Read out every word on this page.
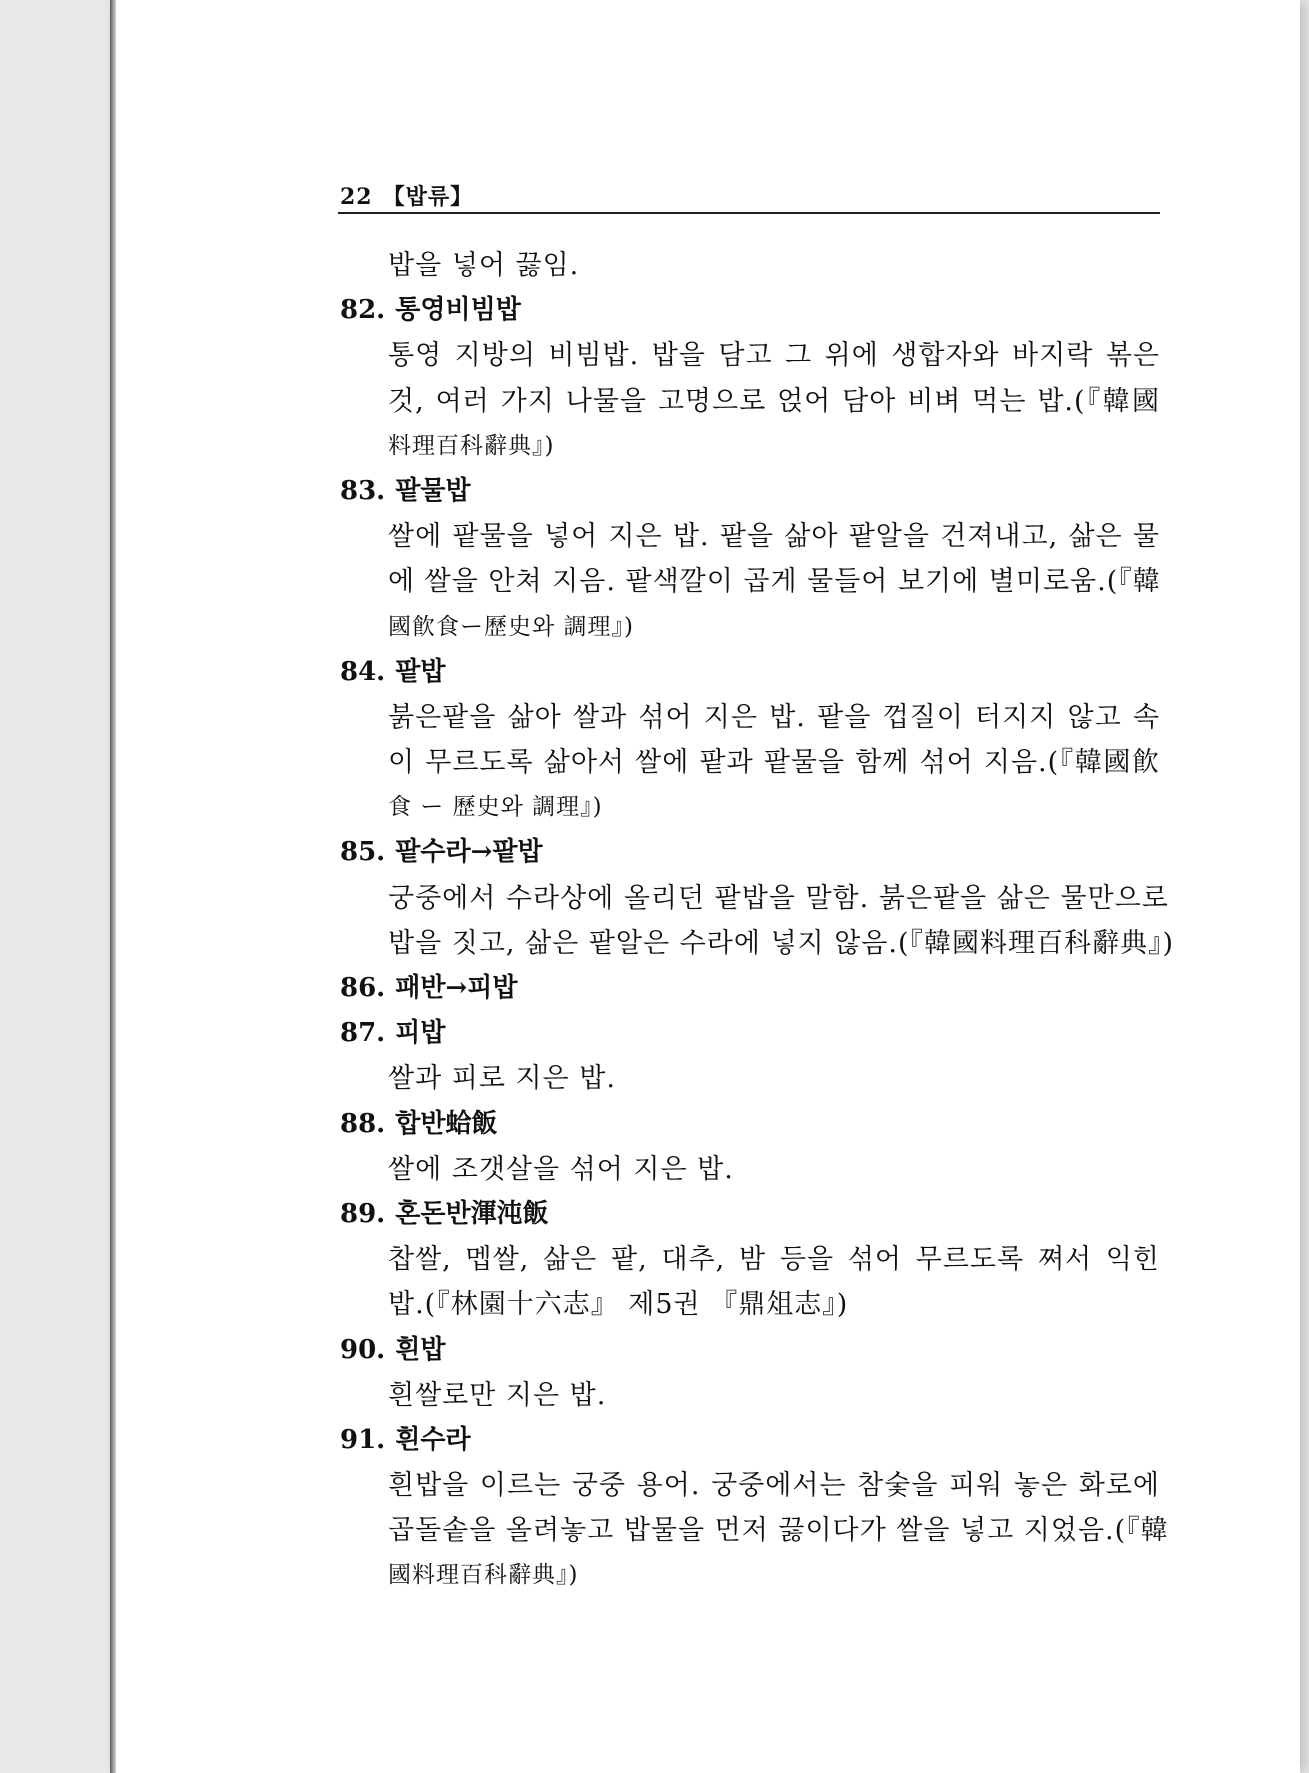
22 【밥류】
밥을 넣어 끓임.
82. 통영비빔밥
통영 지방의 비빔밥. 밥을 담고 그 위에 생합자와 바지락 볶은
것, 여러 가지 나물을 고명으로 얹어 담아 비벼 먹는 밥.(『韓國
料理百科辭典』)
83. 팥물밥
쌀에 팥물을 넣어 지은 밥. 팥을 삶아 팥알을 건져내고, 삶은 물
에 쌀을 안쳐 지음. 팥색깔이 곱게 물들어 보기에 별미로움.(『韓
國飮食ー歷史와 調理』)
84. 팥밥
붉은팥을 삶아 쌀과 섞어 지은 밥. 팥을 껍질이 터지지 않고 속
이 무르도록 삶아서 쌀에 팥과 팥물을 함께 섞어 지음.(『韓國飮
食 ー 歷史와 調理』)
85. 팥수라→팥밥
궁중에서 수라상에 올리던 팥밥을 말함. 붉은팥을 삶은 물만으로
밥을 짓고, 삶은 팥알은 수라에 넣지 않음.(『韓國料理百科辭典』)
86. 패반→피밥
87. 피밥
쌀과 피로 지은 밥.
88. 합반蛤飯
쌀에 조갯살을 섞어 지은 밥.
89. 혼돈반渾沌飯
찹쌀, 멥쌀, 삶은 팥, 대추, 밤 등을 섞어 무르도록 쪄서 익힌
밥.(『林園十六志』 제5권 『鼎俎志』)
90. 흰밥
흰쌀로만 지은 밥.
91. 흰수라
흰밥을 이르는 궁중 용어. 궁중에서는 참숯을 피워 놓은 화로에
곱돌솥을 올려놓고 밥물을 먼저 끓이다가 쌀을 넣고 지었음.(『韓
國料理百科辭典』)
